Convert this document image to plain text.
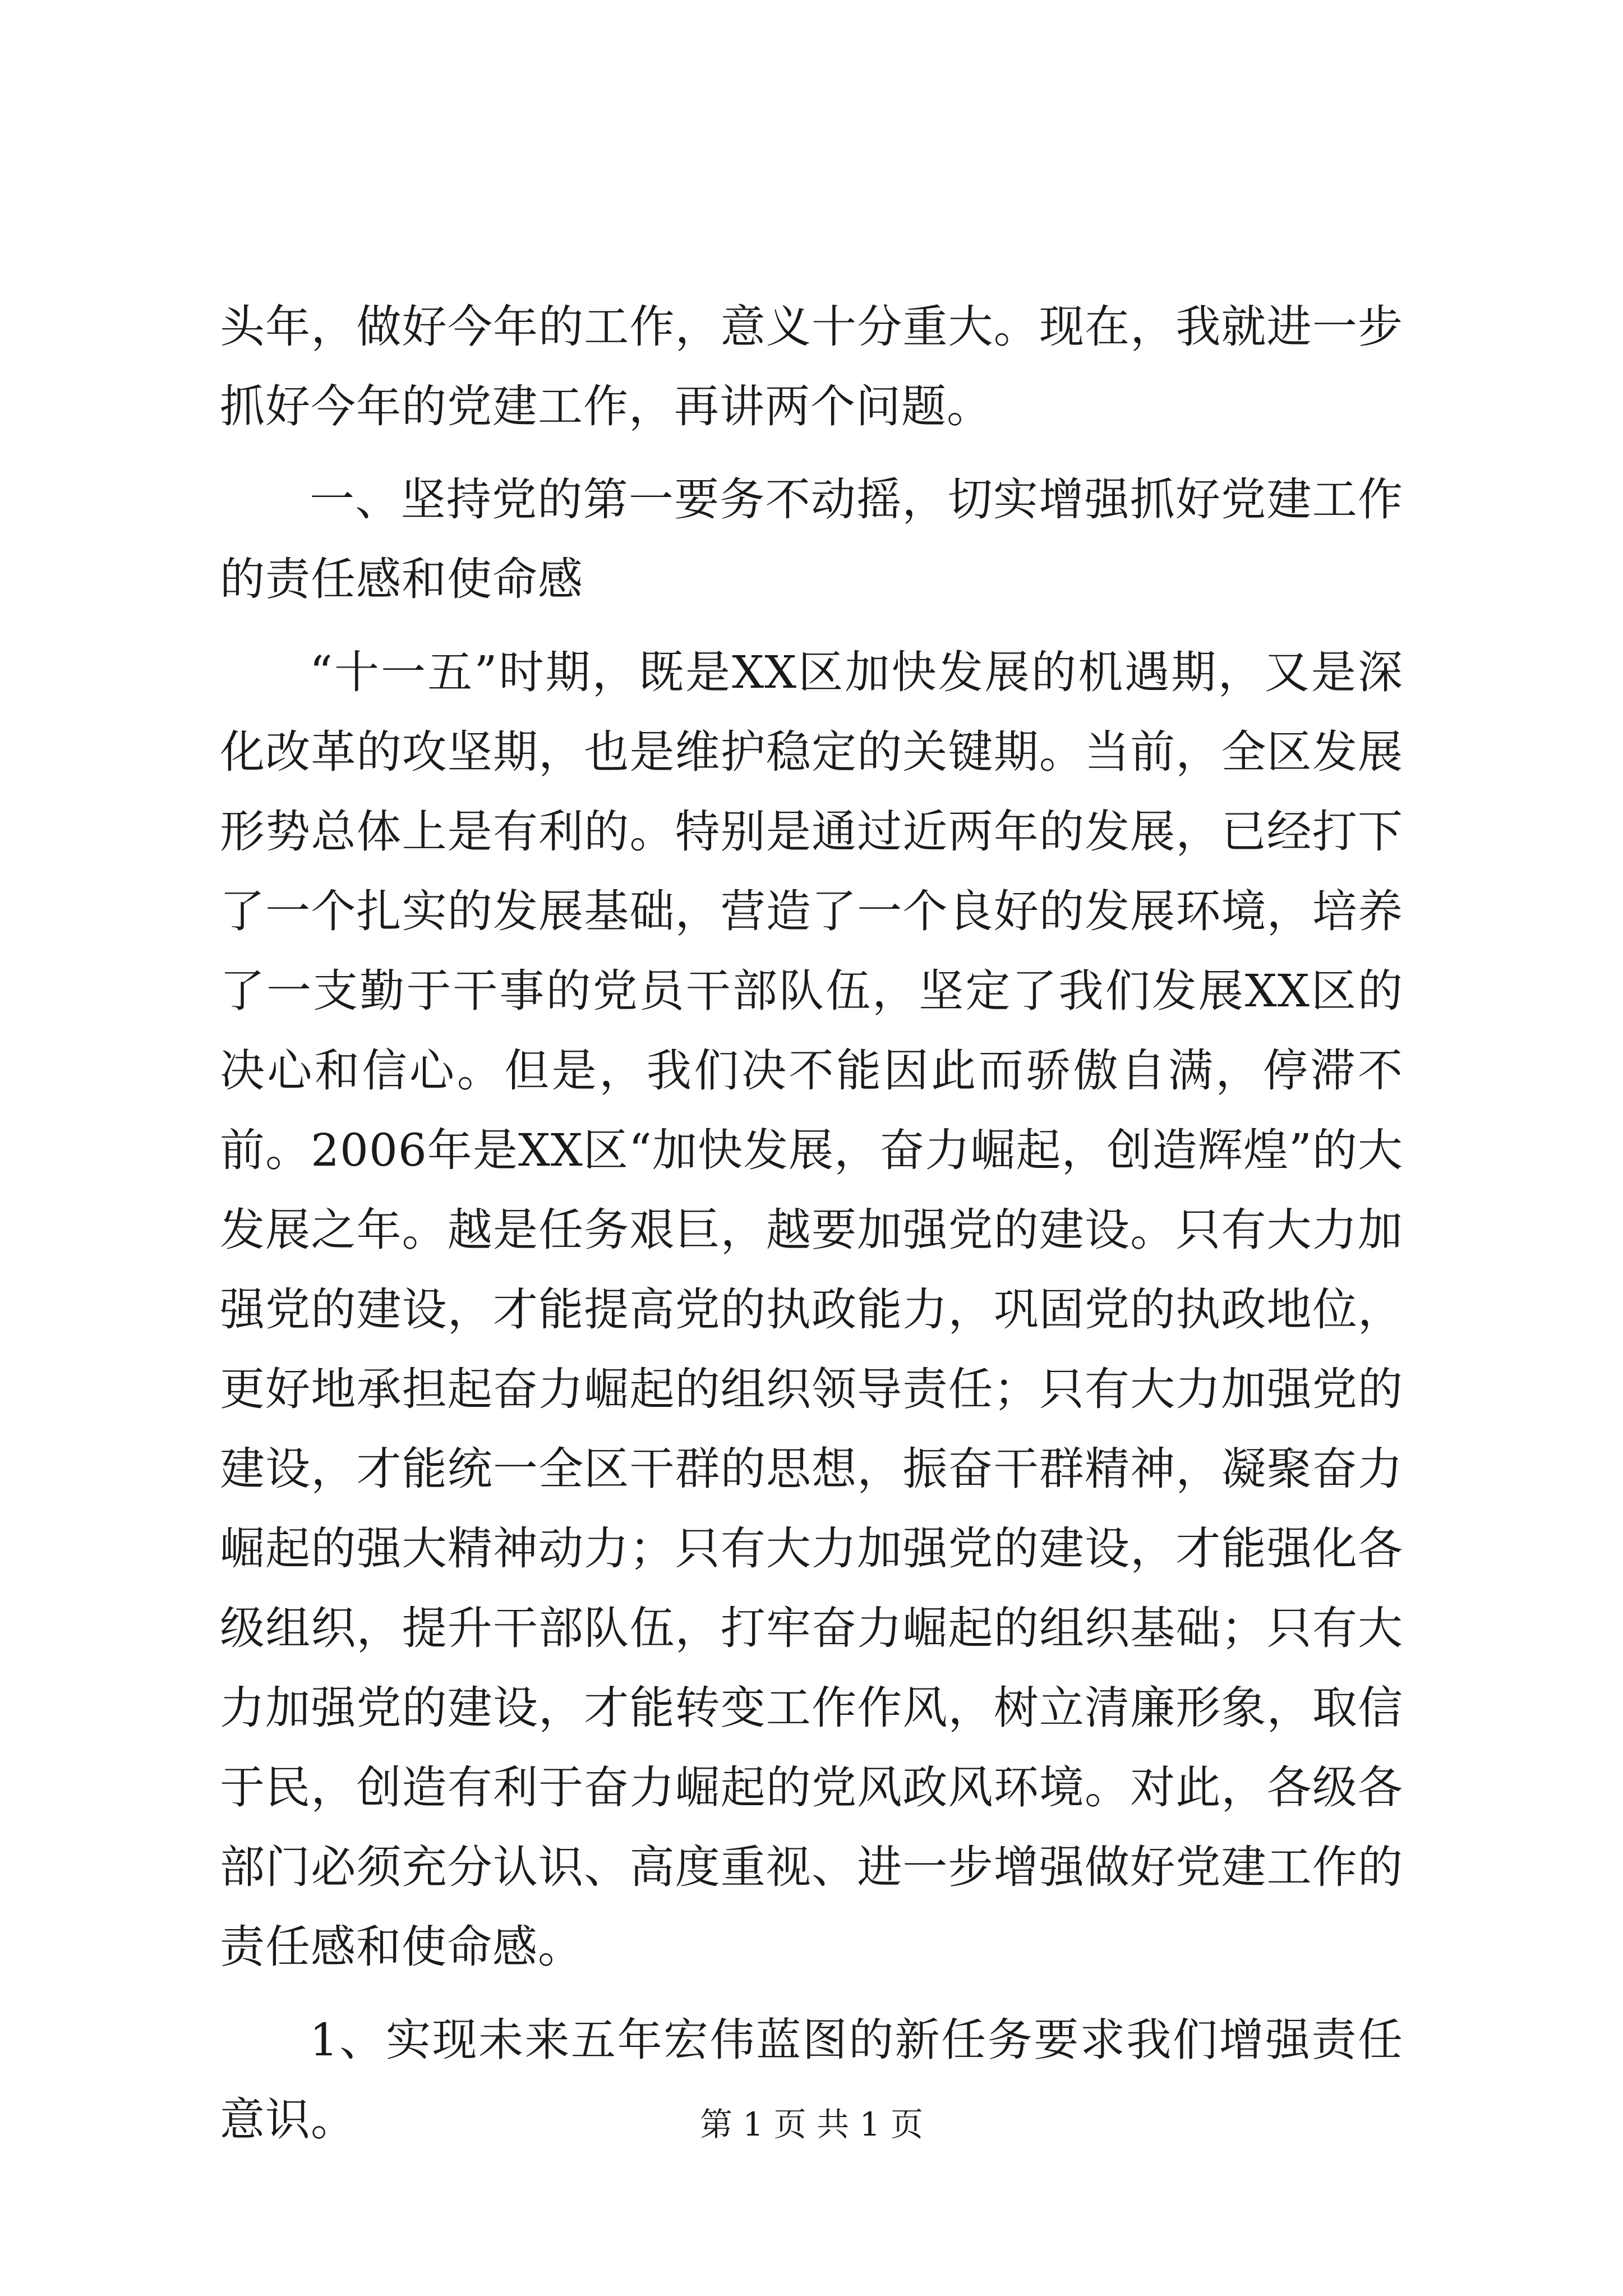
头年，做好今年的工作，意义十分重大。现在，我就进一步抓好今年的党建工作，再讲两个问题。

一、坚持党的第一要务不动摇，切实增强抓好党建工作的责任感和使命感

“十一五”时期，既是XX区加快发展的机遇期，又是深化改革的攻坚期，也是维护稳定的关键期。当前，全区发展形势总体上是有利的。特别是通过近两年的发展，已经打下了一个扎实的发展基础，营造了一个良好的发展环境，培养了一支勤于干事的党员干部队伍，坚定了我们发展XX区的决心和信心。但是，我们决不能因此而骄傲自满，停滞不前。2006年是XX区“加快发展，奋力崛起，创造辉煌”的大发展之年。越是任务艰巨，越要加强党的建设。只有大力加强党的建设，才能提高党的执政能力，巩固党的执政地位，更好地承担起奋力崛起的组织领导责任；只有大力加强党的建设，才能统一全区干群的思想，振奋干群精神，凝聚奋力崛起的强大精神动力；只有大力加强党的建设，才能强化各级组织，提升干部队伍，打牢奋力崛起的组织基础；只有大力加强党的建设，才能转变工作作风，树立清廉形象，取信于民，创造有利于奋力崛起的党风政风环境。对此，各级各部门必须充分认识、高度重视、进一步增强做好党建工作的责任感和使命感。

1、实现未来五年宏伟蓝图的新任务要求我们增强责任意识。	第 1 页 共 1 页
